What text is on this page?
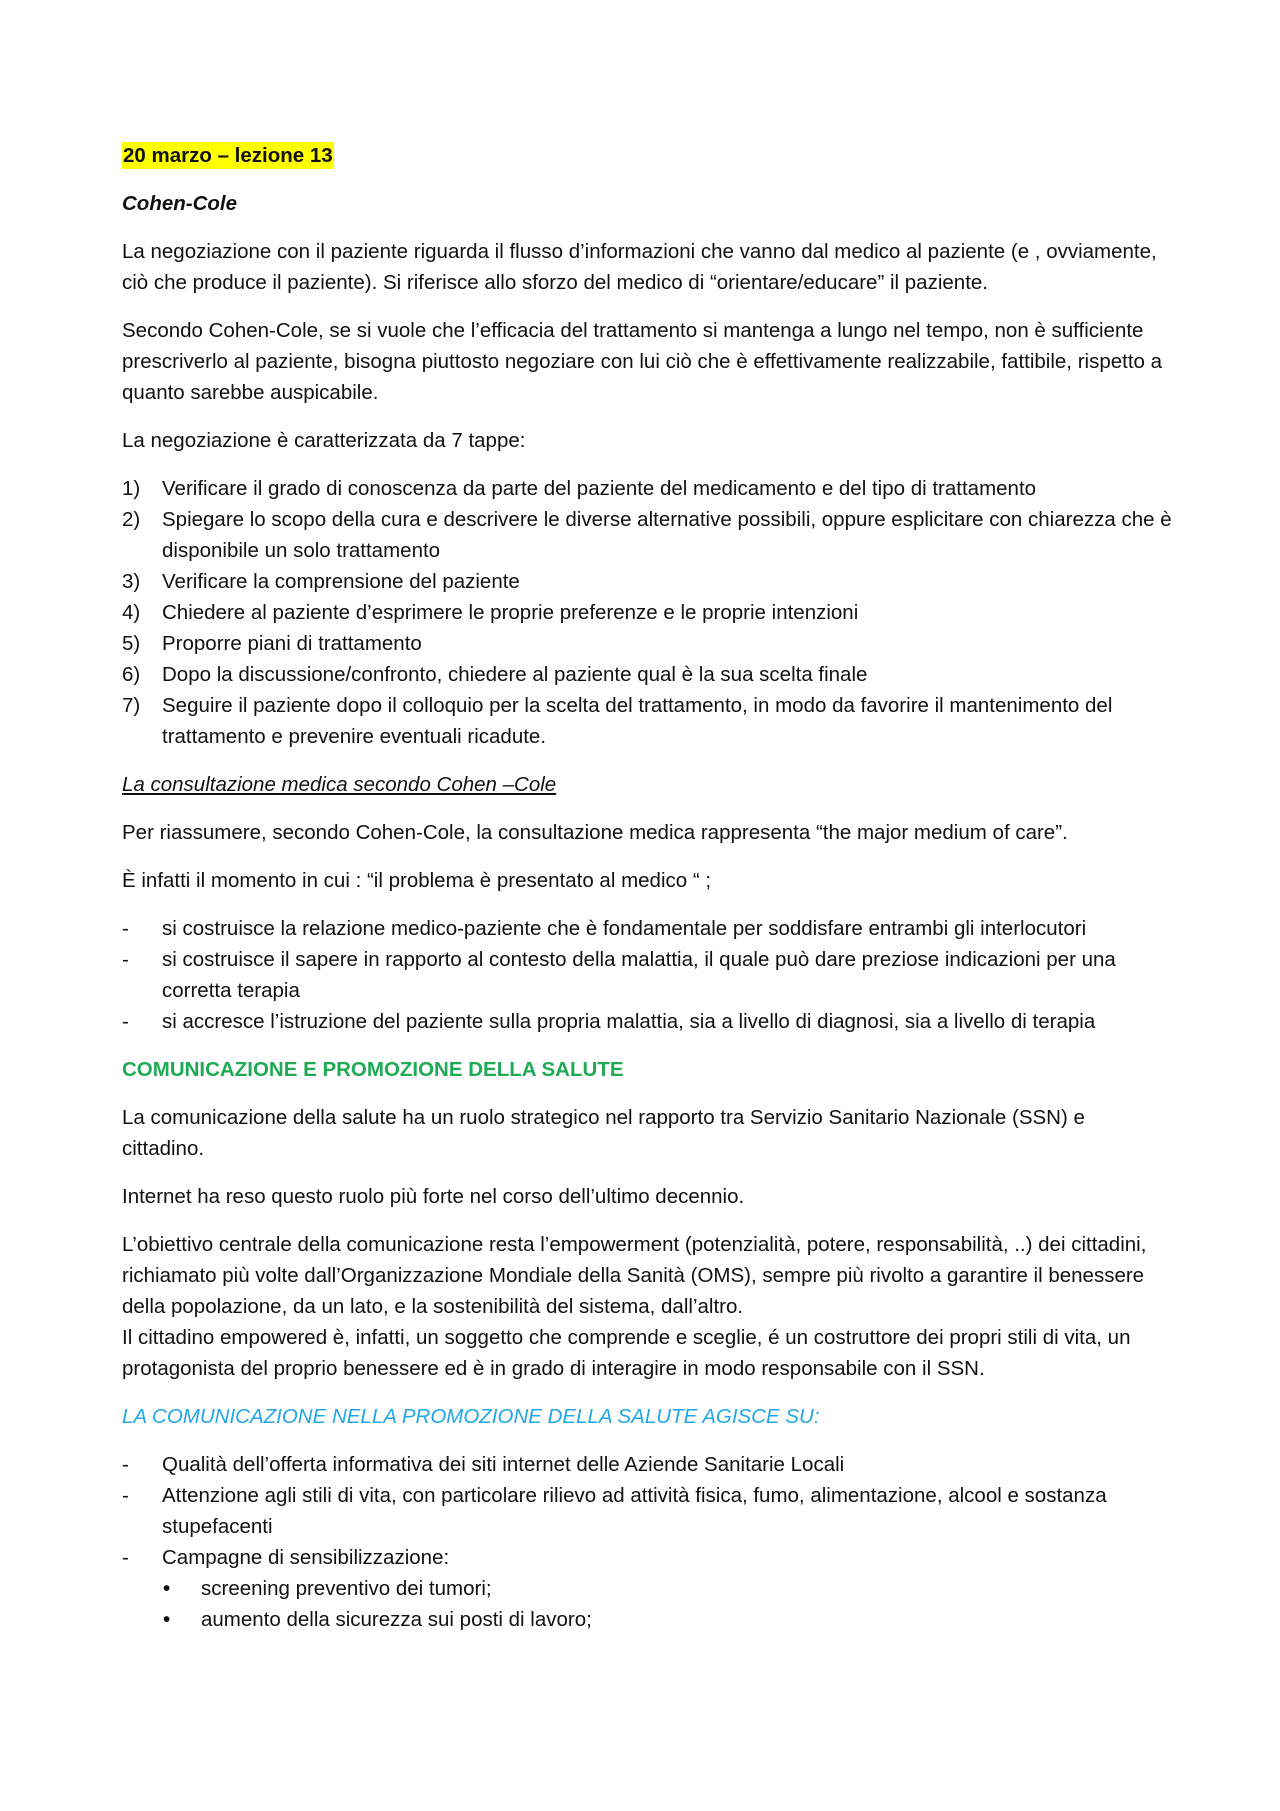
20 marzo – lezione 13

Cohen-Cole

La negoziazione con il paziente riguarda il flusso d’informazioni che vanno dal medico al paziente (e , ovviamente, ciò che produce il paziente). Si riferisce allo sforzo del medico di “orientare/educare” il paziente.

Secondo Cohen-Cole, se si vuole che l’efficacia del trattamento si mantenga a lungo nel tempo, non è sufficiente prescriverlo al paziente, bisogna piuttosto negoziare con lui ciò che è effettivamente realizzabile, fattibile, rispetto a quanto sarebbe auspicabile.

La negoziazione è caratterizzata da 7 tappe:

1) Verificare il grado di conoscenza da parte del paziente del medicamento e del tipo di trattamento
2) Spiegare lo scopo della cura e descrivere le diverse alternative possibili, oppure esplicitare con chiarezza che è disponibile un solo trattamento
3) Verificare la comprensione del paziente
4) Chiedere al paziente d’esprimere le proprie preferenze e le proprie intenzioni
5) Proporre piani di trattamento
6) Dopo la discussione/confronto, chiedere al paziente qual è la sua scelta finale
7) Seguire il paziente dopo il colloquio per la scelta del trattamento, in modo da favorire il mantenimento del trattamento e prevenire eventuali ricadute.

La consultazione medica secondo Cohen –Cole

Per riassumere, secondo Cohen-Cole, la consultazione medica rappresenta “the major medium of care”.

È infatti il momento in cui : “il problema è presentato al medico “ ;

- si costruisce la relazione medico-paziente che è fondamentale per soddisfare entrambi gli interlocutori
- si costruisce il sapere in rapporto al contesto della malattia, il quale può dare preziose indicazioni per una corretta terapia
- si accresce l’istruzione del paziente sulla propria malattia, sia a livello di diagnosi, sia a livello di terapia

COMUNICAZIONE E PROMOZIONE DELLA SALUTE

La comunicazione della salute ha un ruolo strategico nel rapporto tra Servizio Sanitario Nazionale (SSN) e cittadino.

Internet ha reso questo ruolo più forte nel corso dell’ultimo decennio.

L’obiettivo centrale della comunicazione resta l’empowerment (potenzialità, potere, responsabilità, ..) dei cittadini, richiamato più volte dall’Organizzazione Mondiale della Sanità (OMS), sempre più rivolto a garantire il benessere della popolazione, da un lato, e la sostenibilità del sistema, dall’altro.
Il cittadino empowered è, infatti, un soggetto che comprende e sceglie, é un costruttore dei propri stili di vita, un protagonista del proprio benessere ed è in grado di interagire in modo responsabile con il SSN.

LA COMUNICAZIONE NELLA PROMOZIONE DELLA SALUTE AGISCE SU:

- Qualità dell’offerta informativa dei siti internet delle Aziende Sanitarie Locali
- Attenzione agli stili di vita, con particolare rilievo ad attività fisica, fumo, alimentazione, alcool e sostanza stupefacenti
- Campagne di sensibilizzazione:
• screening preventivo dei tumori;
• aumento della sicurezza sui posti di lavoro;
